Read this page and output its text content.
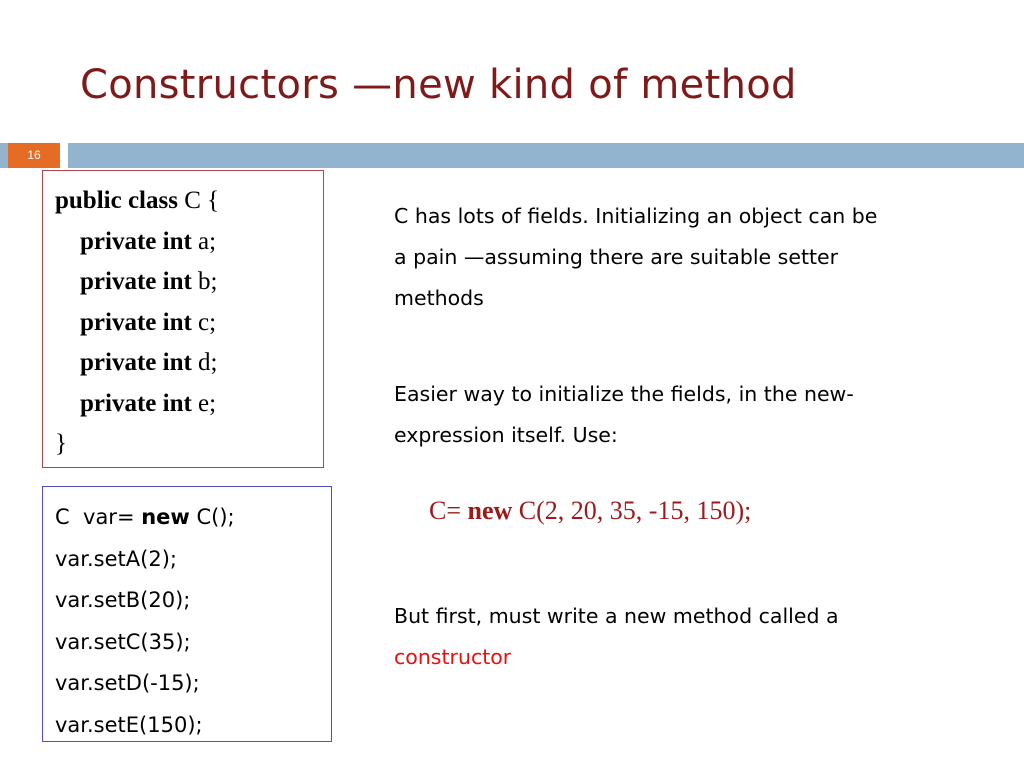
Constructors —new kind of method
16
public class C {
private int a;
private int b;
private int c;
private int d;
private int e;
}
C  var= new C();
var.setA(2);
var.setB(20);
var.setC(35);
var.setD(-15);
var.setE(150);
C has lots of fields. Initializing an object can be a pain —assuming there are suitable setter methods
Easier way to initialize the fields, in the new-expression itself. Use:
C= new C(2, 20, 35, -15, 150);
But first, must write a new method called a constructor
